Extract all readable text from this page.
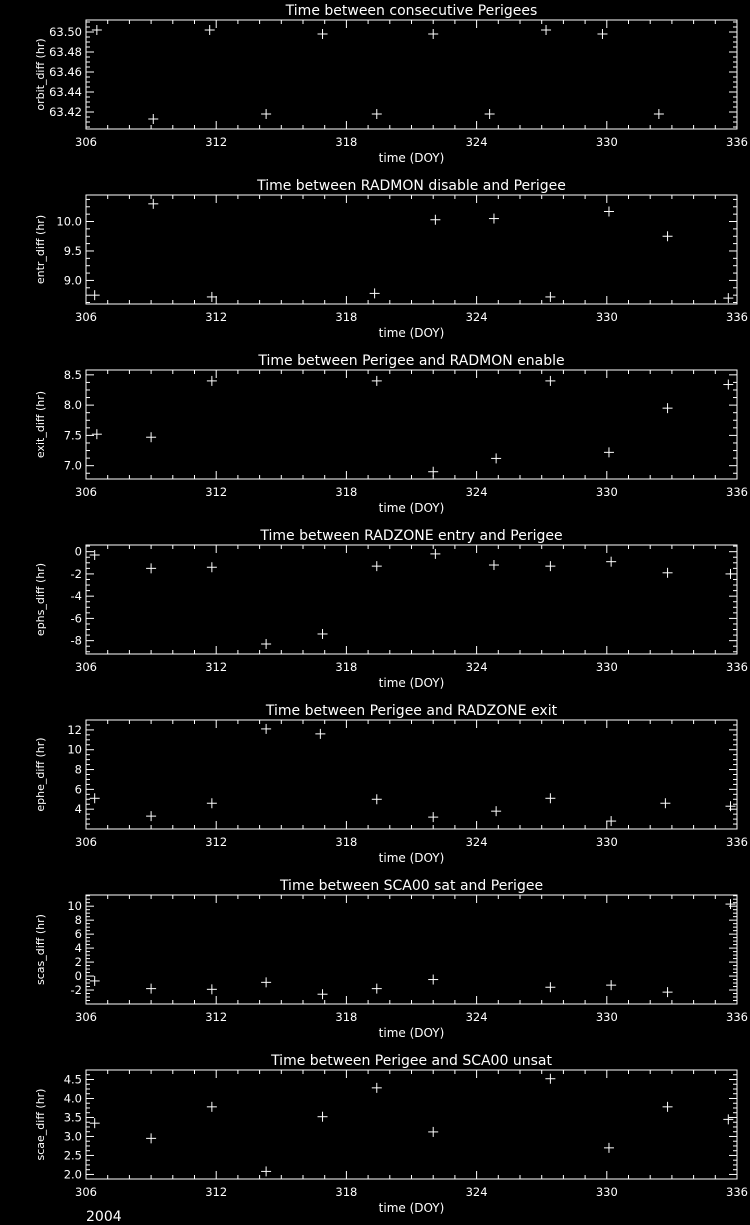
Time between consecutive Perigees
time (DOY)
orbit_diff (hr)
306	312	318	324	330	336
63.42
63.44
63.46
63.48
63.50
Time between RADMON disable and Perigee
time (DOY)
entr_diff (hr)
306	312	318	324	330	336
9.0
9.5
10.0
Time between Perigee and RADMON enable
time (DOY)
exit_diff (hr)
306	312	318	324	330	336
7.0
7.5
8.0
8.5
Time between RADZONE entry and Perigee
time (DOY)
ephs_diff (hr)
306	312	318	324	330	336
-8
-6
-4
-2
0
Time between Perigee and RADZONE exit
time (DOY)
ephe_diff (hr)
306	312	318	324	330	336
4
6
8
10
12
Time between SCA00 sat and Perigee
time (DOY)
scas_diff (hr)
306	312	318	324	330	336
-2
0
2
4
6
8
10
Time between Perigee and SCA00 unsat
time (DOY)
scae_diff (hr)
306	312	318	324	330	336
2.0
2.5
3.0
3.5
4.0
4.5
2004
